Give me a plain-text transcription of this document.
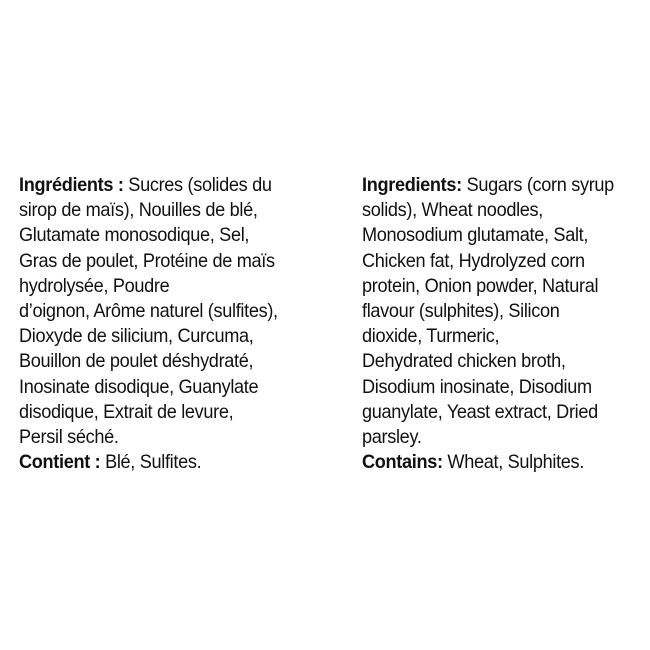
Ingrédients : Sucres (solides du
sirop de maïs), Nouilles de blé,
Glutamate monosodique, Sel,
Gras de poulet, Protéine de maïs
hydrolysée, Poudre
d’oignon, Arôme naturel (sulfites),
Dioxyde de silicium, Curcuma,
Bouillon de poulet déshydraté,
Inosinate disodique, Guanylate
disodique, Extrait de levure,
Persil séché.
Contient : Blé, Sulfites.
Ingredients: Sugars (corn syrup
solids), Wheat noodles,
Monosodium glutamate, Salt,
Chicken fat, Hydrolyzed corn
protein, Onion powder, Natural
flavour (sulphites), Silicon
dioxide, Turmeric,
Dehydrated chicken broth,
Disodium inosinate, Disodium
guanylate, Yeast extract, Dried
parsley.
Contains: Wheat, Sulphites.
